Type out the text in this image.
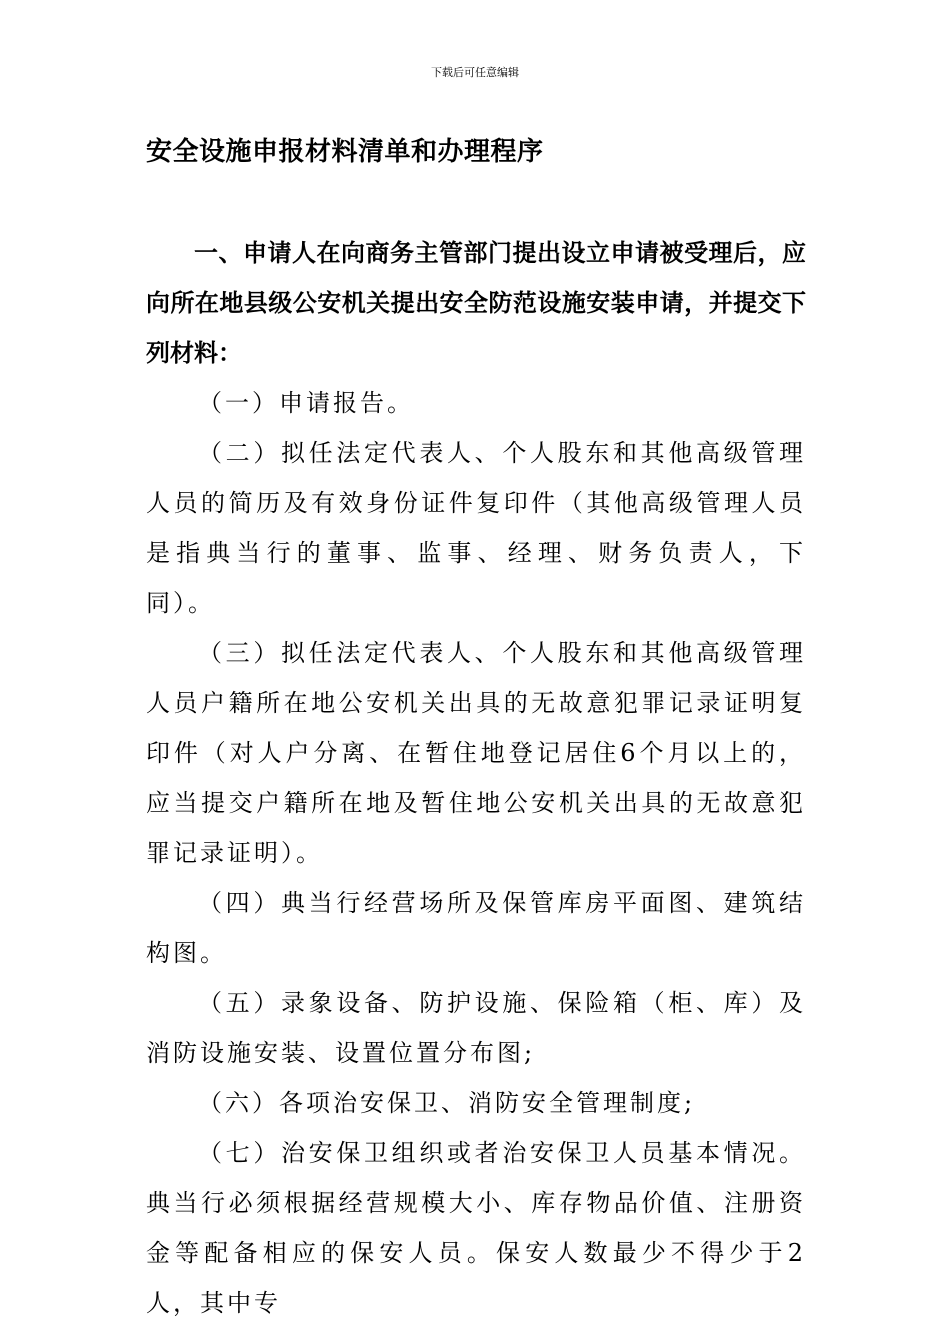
下载后可任意编辑
安全设施申报材料清单和办理程序

一、申请人在向商务主管部门提出设立申请被受理后，应向所在地县级公安机关提出安全防范设施安装申请，并提交下列材料：

（一）申请报告。

（二）拟任法定代表人、个人股东和其他高级管理人员的简历及有效身份证件复印件（其他高级管理人员是指典当行的董事、监事、经理、财务负责人，下同）。

（三）拟任法定代表人、个人股东和其他高级管理人员户籍所在地公安机关出具的无故意犯罪记录证明复印件（对人户分离、在暂住地登记居住6个月以上的，应当提交户籍所在地及暂住地公安机关出具的无故意犯罪记录证明）。

（四）典当行经营场所及保管库房平面图、建筑结构图。

（五）录象设备、防护设施、保险箱（柜、库）及消防设施安装、设置位置分布图;

（六）各项治安保卫、消防安全管理制度;

（七）治安保卫组织或者治安保卫人员基本情况。典当行必须根据经营规模大小、库存物品价值、注册资金等配备相应的保安人员。保安人数最少不得少于2人，其中专
